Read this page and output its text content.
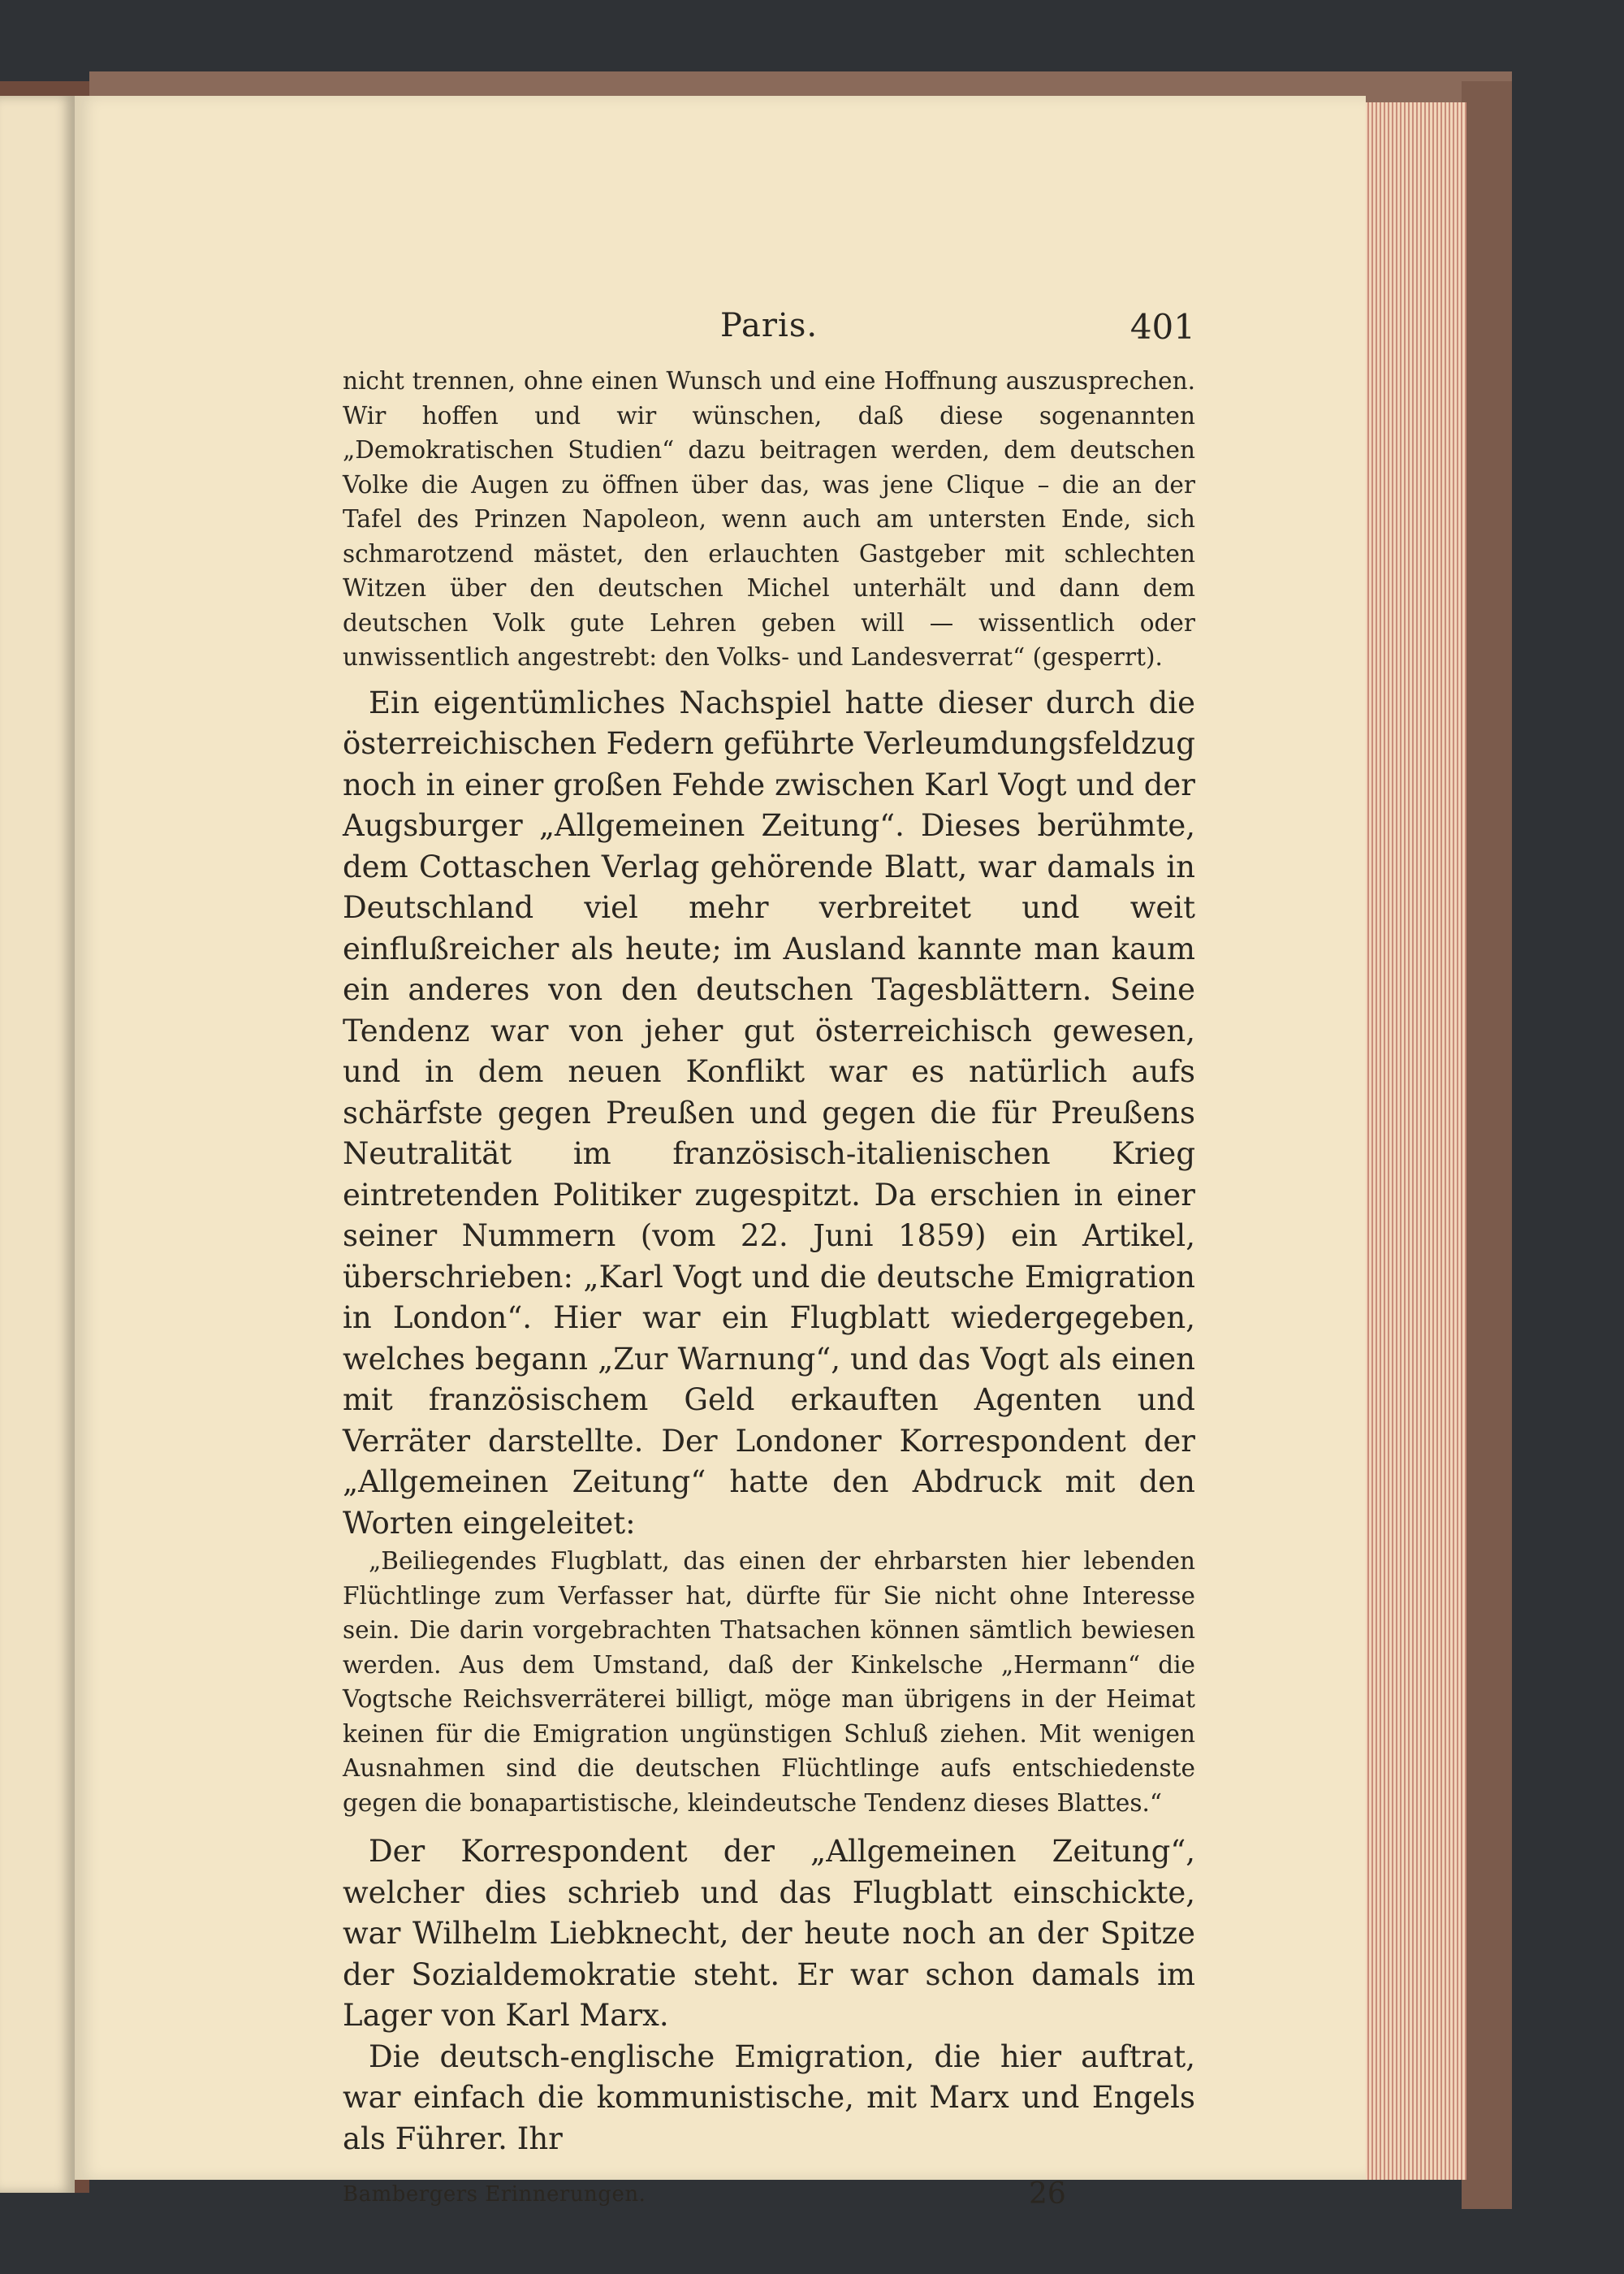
Paris.	401

nicht trennen, ohne einen Wunsch und eine Hoffnung auszusprechen. Wir hoffen und wir wünschen, daß diese sogenannten „Demokratischen Studien“ dazu beitragen werden, dem deutschen Volke die Augen zu öffnen über das, was jene Clique – die an der Tafel des Prinzen Napoleon, wenn auch am untersten Ende, sich schmarotzend mästet, den erlauchten Gastgeber mit schlechten Witzen über den deutschen Michel unterhält und dann dem deutschen Volk gute Lehren geben will — wissentlich oder unwissentlich angestrebt: den Volks- und Landesverrat“ (gesperrt).

Ein eigentümliches Nachspiel hatte dieser durch die österreichischen Federn geführte Verleumdungsfeldzug noch in einer großen Fehde zwischen Karl Vogt und der Augsburger „Allgemeinen Zeitung“. Dieses berühmte, dem Cottaschen Verlag gehörende Blatt, war damals in Deutschland viel mehr verbreitet und weit einflußreicher als heute; im Ausland kannte man kaum ein anderes von den deutschen Tagesblättern. Seine Tendenz war von jeher gut österreichisch gewesen, und in dem neuen Konflikt war es natürlich aufs schärfste gegen Preußen und gegen die für Preußens Neutralität im französisch-italienischen Krieg eintretenden Politiker zugespitzt. Da erschien in einer seiner Nummern (vom 22. Juni 1859) ein Artikel, überschrieben: „Karl Vogt und die deutsche Emigration in London“. Hier war ein Flugblatt wiedergegeben, welches begann „Zur Warnung“, und das Vogt als einen mit französischem Geld erkauften Agenten und Verräter darstellte. Der Londoner Korrespondent der „Allgemeinen Zeitung“ hatte den Abdruck mit den Worten eingeleitet:

„Beiliegendes Flugblatt, das einen der ehrbarsten hier lebenden Flüchtlinge zum Verfasser hat, dürfte für Sie nicht ohne Interesse sein. Die darin vorgebrachten Thatsachen können sämtlich bewiesen werden. Aus dem Umstand, daß der Kinkelsche „Hermann“ die Vogtsche Reichsverräterei billigt, möge man übrigens in der Heimat keinen für die Emigration ungünstigen Schluß ziehen. Mit wenigen Ausnahmen sind die deutschen Flüchtlinge aufs entschiedenste gegen die bonapartistische, kleindeutsche Tendenz dieses Blattes.“

Der Korrespondent der „Allgemeinen Zeitung“, welcher dies schrieb und das Flugblatt einschickte, war Wilhelm Liebknecht, der heute noch an der Spitze der Sozialdemokratie steht. Er war schon damals im Lager von Karl Marx.

Die deutsch-englische Emigration, die hier auftrat, war einfach die kommunistische, mit Marx und Engels als Führer. Ihr

Bambergers Erinnerungen.	26
